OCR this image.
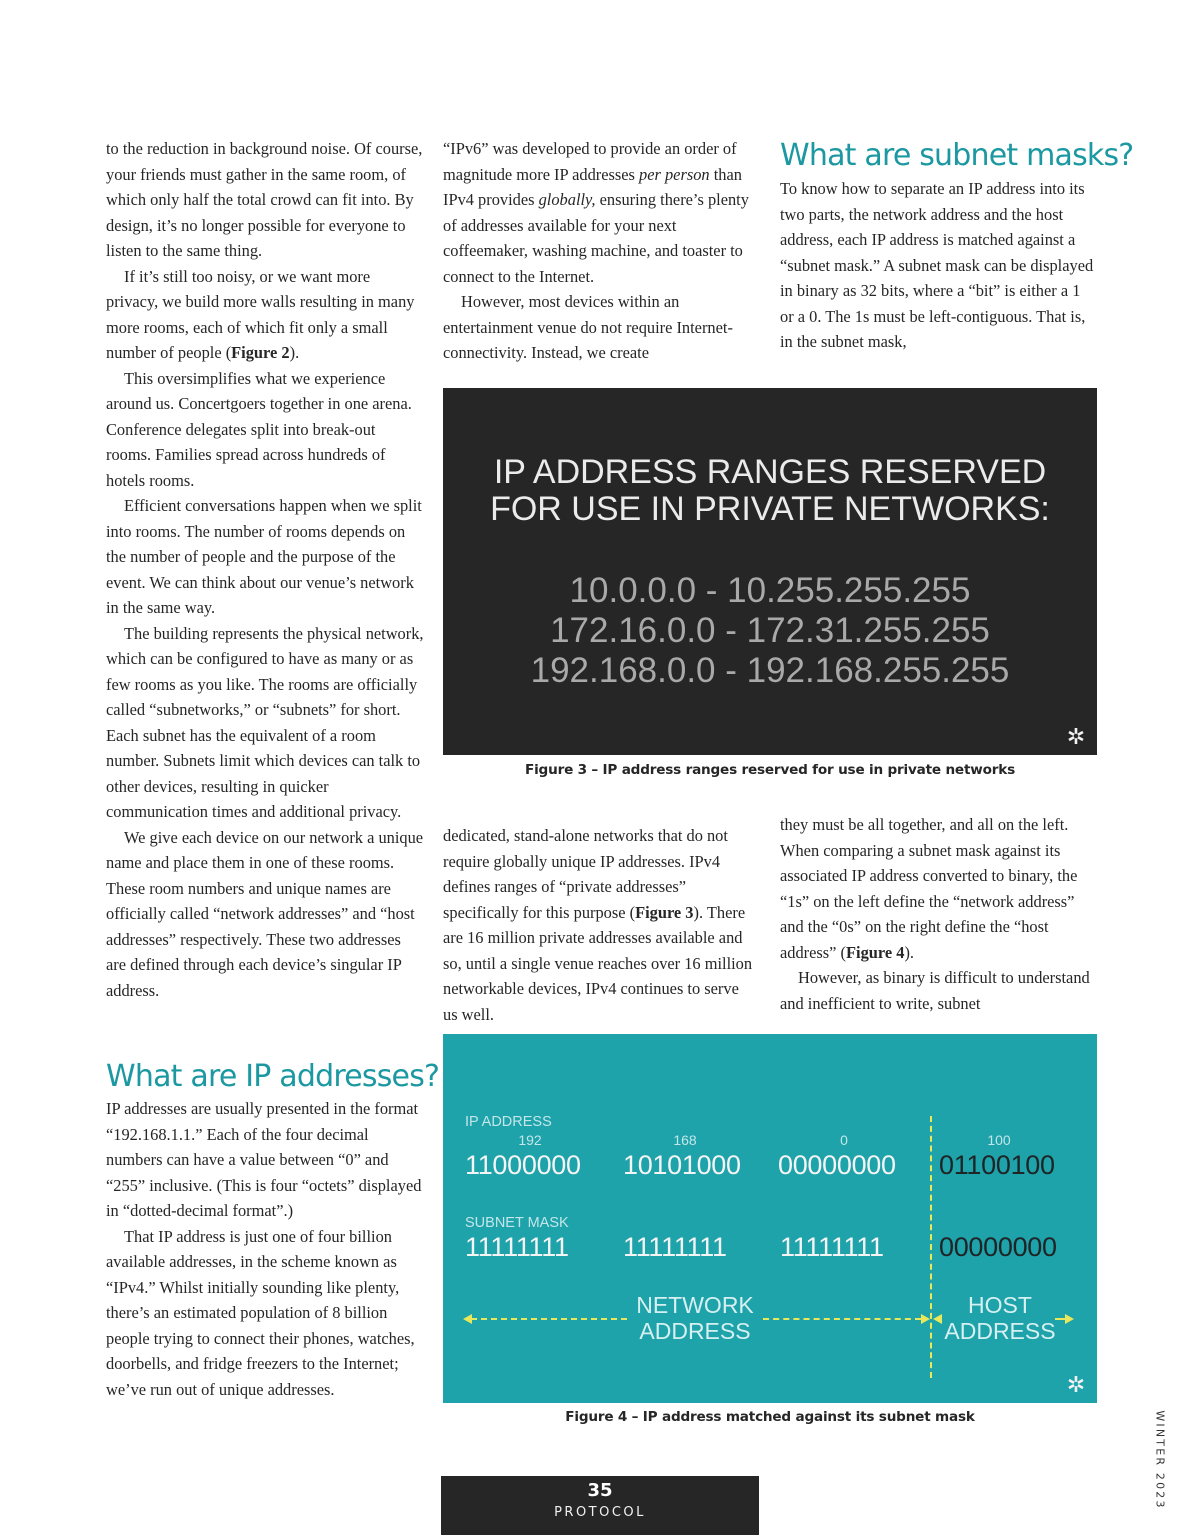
to the reduction in background noise. Of course, your friends must gather in the same room, of which only half the total crowd can fit into. By design, it’s no longer possible for everyone to listen to the same thing.

If it’s still too noisy, or we want more privacy, we build more walls resulting in many more rooms, each of which fit only a small number of people (Figure 2).

This oversimplifies what we experience around us. Concertgoers together in one arena. Conference delegates split into break-out rooms. Families spread across hundreds of hotels rooms.

Efficient conversations happen when we split into rooms. The number of rooms depends on the number of people and the purpose of the event. We can think about our venue’s network in the same way.

The building represents the physical network, which can be configured to have as many or as few rooms as you like. The rooms are officially called “subnetworks,” or “subnets” for short. Each subnet has the equivalent of a room number. Subnets limit which devices can talk to other devices, resulting in quicker communication times and additional privacy.

We give each device on our network a unique name and place them in one of these rooms. These room numbers and unique names are officially called “network addresses” and “host addresses” respectively. These two addresses are defined through each device’s singular IP address.

What are IP addresses?

IP addresses are usually presented in the format “192.168.1.1.” Each of the four decimal numbers can have a value between “0” and “255” inclusive. (This is four “octets” displayed in “dotted-decimal format”.)

That IP address is just one of four billion available addresses, in the scheme known as “IPv4.” Whilst initially sounding like plenty, there’s an estimated population of 8 billion people trying to connect their phones, watches, doorbells, and fridge freezers to the Internet; we’ve run out of unique addresses.

“IPv6” was developed to provide an order of magnitude more IP addresses per person than IPv4 provides globally, ensuring there’s plenty of addresses available for your next coffeemaker, washing machine, and toaster to connect to the Internet.

However, most devices within an entertainment venue do not require Internet-connectivity. Instead, we create

What are subnet masks?

To know how to separate an IP address into its two parts, the network address and the host address, each IP address is matched against a “subnet mask.” A subnet mask can be displayed in binary as 32 bits, where a “bit” is either a 1 or a 0. The 1s must be left-contiguous. That is, in the subnet mask,

IP ADDRESS RANGES RESERVED
FOR USE IN PRIVATE NETWORKS:
10.0.0.0 - 10.255.255.255
172.16.0.0 - 172.31.255.255
192.168.0.0 - 192.168.255.255
✲
Figure 3 – IP address ranges reserved for use in private networks

dedicated, stand-alone networks that do not require globally unique IP addresses. IPv4 defines ranges of “private addresses” specifically for this purpose (Figure 3). There are 16 million private addresses available and so, until a single venue reaches over 16 million networkable devices, IPv4 continues to serve us well.

they must be all together, and all on the left. When comparing a subnet mask against its associated IP address converted to binary, the “1s” on the left define the “network address” and the “0s” on the right define the “host address” (Figure 4).

However, as binary is difficult to understand and inefficient to write, subnet

IP ADDRESS
192	168	0	100
11000000 10101000 00000000 01100100
SUBNET MASK
11111111 11111111 11111111 00000000
NETWORK
ADDRESS
HOST
ADDRESS
✲
Figure 4 – IP address matched against its subnet mask
35
PROTOCOL
WINTER 2023
